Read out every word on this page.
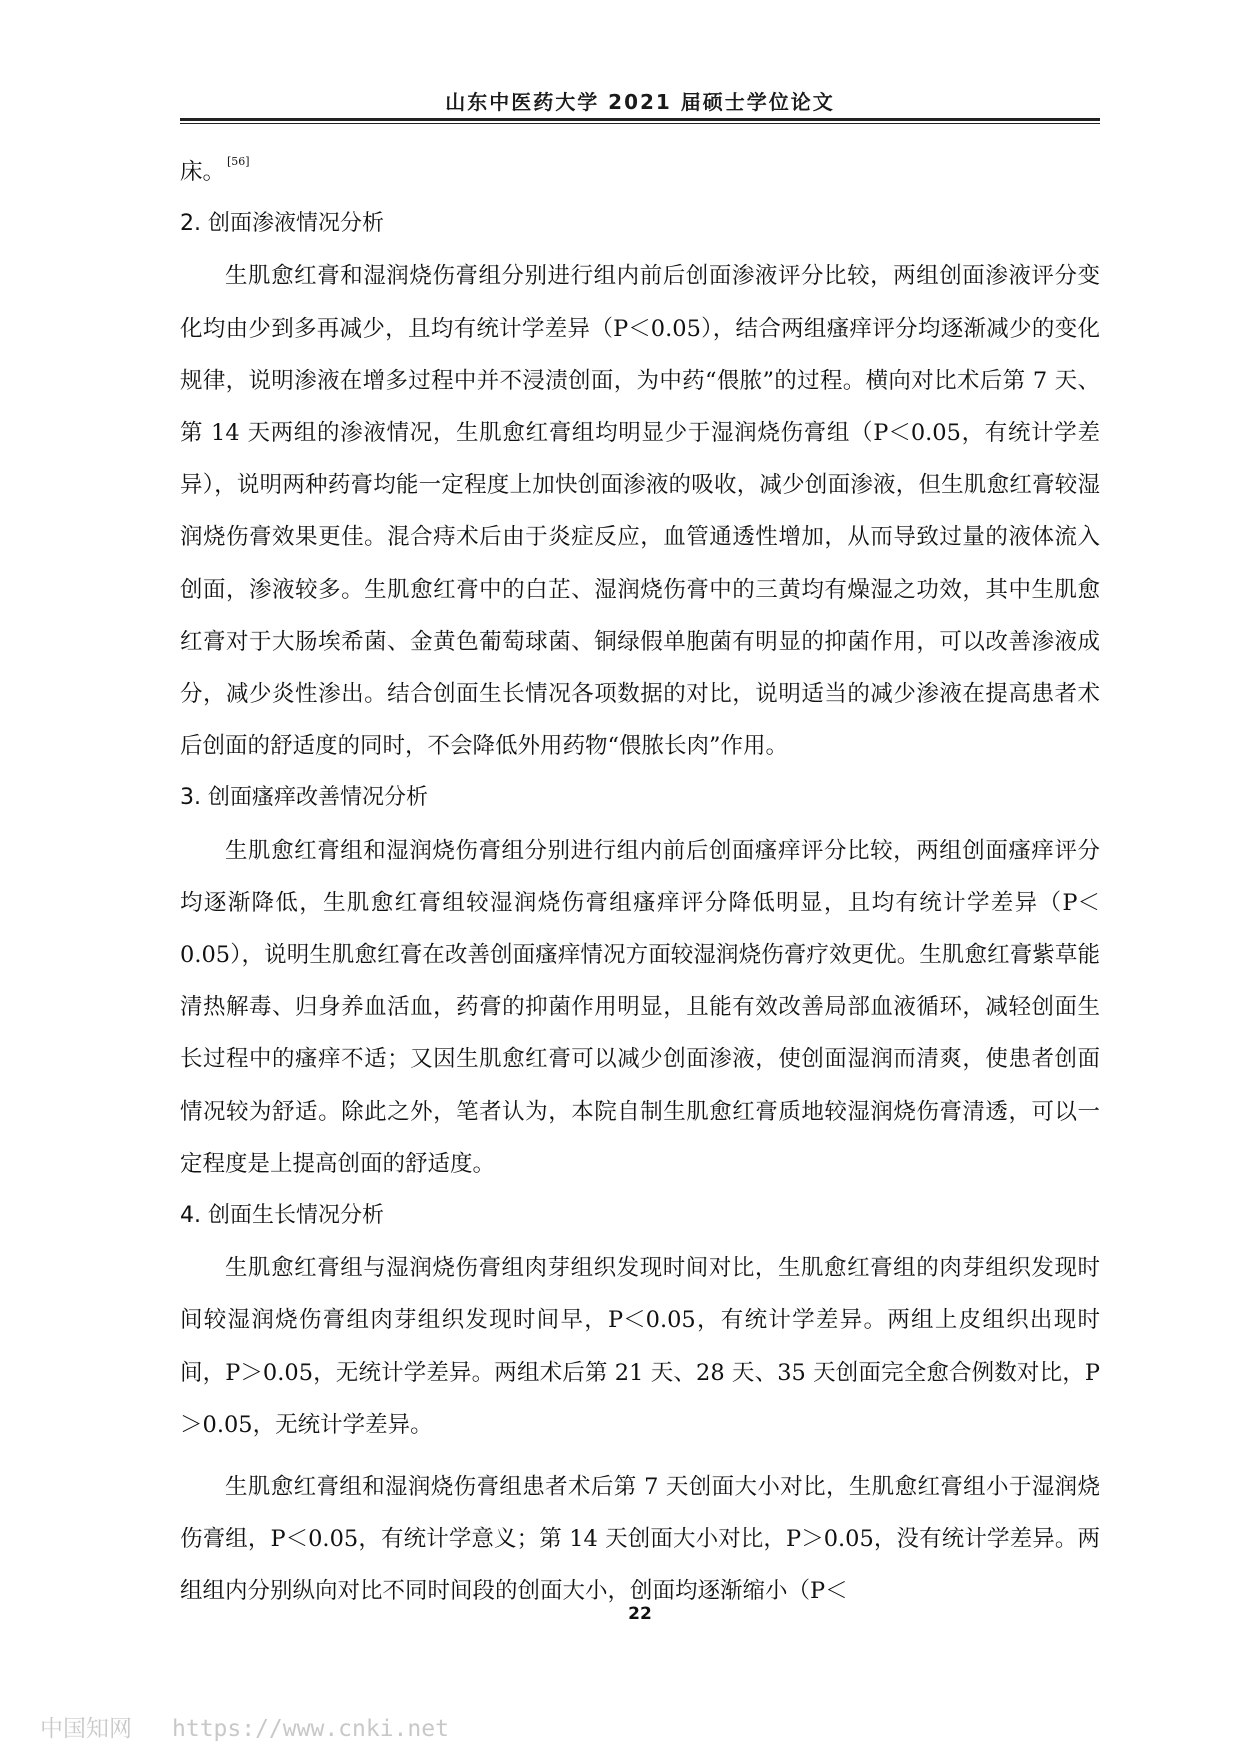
山东中医药大学 2021 届硕士学位论文

床。 [56]

2. 创面渗液情况分析

生肌愈红膏和湿润烧伤膏组分别进行组内前后创面渗液评分比较，两组创面渗液评分变化均由少到多再减少，且均有统计学差异（P＜0.05），结合两组瘙痒评分均逐渐减少的变化规律，说明渗液在增多过程中并不浸渍创面，为中药“偎脓”的过程。横向对比术后第 7 天、第 14 天两组的渗液情况，生肌愈红膏组均明显少于湿润烧伤膏组（P＜0.05，有统计学差异），说明两种药膏均能一定程度上加快创面渗液的吸收，减少创面渗液，但生肌愈红膏较湿润烧伤膏效果更佳。混合痔术后由于炎症反应，血管通透性增加，从而导致过量的液体流入创面，渗液较多。生肌愈红膏中的白芷、湿润烧伤膏中的三黄均有燥湿之功效，其中生肌愈红膏对于大肠埃希菌、金黄色葡萄球菌、铜绿假单胞菌有明显的抑菌作用，可以改善渗液成分，减少炎性渗出。结合创面生长情况各项数据的对比，说明适当的减少渗液在提高患者术后创面的舒适度的同时，不会降低外用药物“偎脓长肉”作用。

3. 创面瘙痒改善情况分析

生肌愈红膏组和湿润烧伤膏组分别进行组内前后创面瘙痒评分比较，两组创面瘙痒评分均逐渐降低，生肌愈红膏组较湿润烧伤膏组瘙痒评分降低明显，且均有统计学差异（P＜0.05），说明生肌愈红膏在改善创面瘙痒情况方面较湿润烧伤膏疗效更优。生肌愈红膏紫草能清热解毒、归身养血活血，药膏的抑菌作用明显，且能有效改善局部血液循环，减轻创面生长过程中的瘙痒不适；又因生肌愈红膏可以减少创面渗液，使创面湿润而清爽，使患者创面情况较为舒适。除此之外，笔者认为，本院自制生肌愈红膏质地较湿润烧伤膏清透，可以一定程度是上提高创面的舒适度。

4. 创面生长情况分析

生肌愈红膏组与湿润烧伤膏组肉芽组织发现时间对比，生肌愈红膏组的肉芽组织发现时间较湿润烧伤膏组肉芽组织发现时间早，P＜0.05，有统计学差异。两组上皮组织出现时间，P＞0.05，无统计学差异。两组术后第 21 天、28 天、35 天创面完全愈合例数对比，P＞0.05，无统计学差异。

生肌愈红膏组和湿润烧伤膏组患者术后第 7 天创面大小对比，生肌愈红膏组小于湿润烧伤膏组，P＜0.05，有统计学意义；第 14 天创面大小对比，P＞0.05，没有统计学差异。两组组内分别纵向对比不同时间段的创面大小，创面均逐渐缩小（P＜

22
中国知网 https://www.cnki.net
